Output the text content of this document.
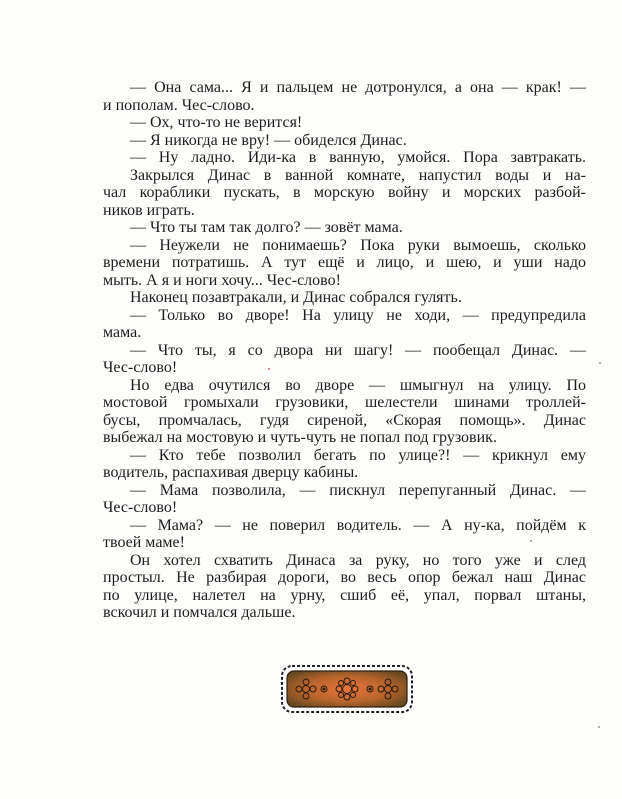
— Она сама... Я и пальцем не дотронулся, а она — крак! —
и пополам. Чес-слово.
— Ох, что-то не верится!
— Я никогда не вру! — обиделся Динас.
— Ну ладно. Иди-ка в ванную, умойся. Пора завтракать.
Закрылся Динас в ванной комнате, напустил воды и на-
чал кораблики пускать, в морскую войну и морских разбой-
ников играть.
— Что ты там так долго? — зовёт мама.
— Неужели не понимаешь? Пока руки вымоешь, сколько
времени потратишь. А тут ещё и лицо, и шею, и уши надо
мыть. А я и ноги хочу... Чес-слово!
Наконец позавтракали, и Динас собрался гулять.
— Только во дворе! На улицу не ходи, — предупредила
мама.
— Что ты, я со двора ни шагу! — пообещал Динас. —
Чес-слово!
Но едва очутился во дворе — шмыгнул на улицу. По
мостовой громыхали грузовики, шелестели шинами троллей-
бусы, промчалась, гудя сиреной, «Скорая помощь». Динас
выбежал на мостовую и чуть-чуть не попал под грузовик.
— Кто тебе позволил бегать по улице?! — крикнул ему
водитель, распахивая дверцу кабины.
— Мама позволила, — пискнул перепуганный Динас. —
Чес-слово!
— Мама? — не поверил водитель. — А ну-ка, пойдём к
твоей маме!
Он хотел схватить Динаса за руку, но того уже и след
простыл. Не разбирая дороги, во весь опор бежал наш Динас
по улице, налетел на урну, сшиб её, упал, порвал штаны,
вскочил и помчался дальше.
